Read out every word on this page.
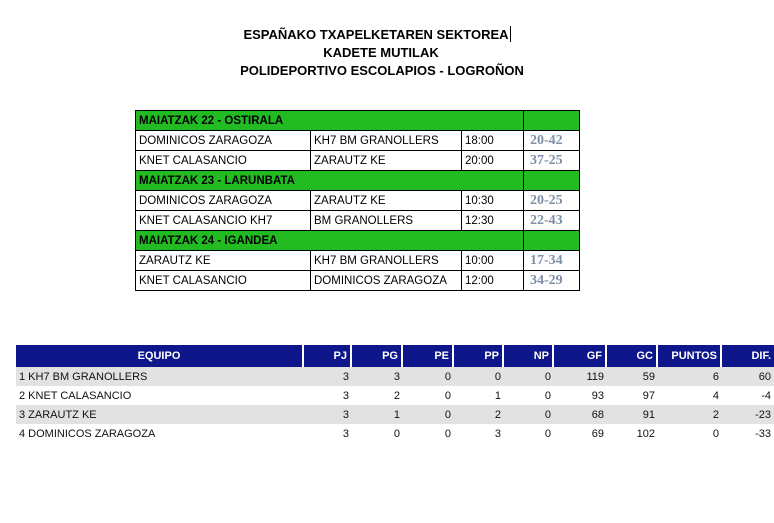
ESPAÑAKO TXAPELKETAREN SEKTOREA
KADETE MUTILAK
POLIDEPORTIVO ESCOLAPIOS - LOGROÑON
MAIATZAK 22 - OSTIRALA			
DOMINICOS ZARAGOZA	KH7 BM GRANOLLERS	18:00	20-42
KNET CALASANCIO	ZARAUTZ KE	20:00	37-25
MAIATZAK 23 - LARUNBATA			
DOMINICOS ZARAGOZA	ZARAUTZ KE	10:30	20-25
KNET CALASANCIO KH7	BM GRANOLLERS	12:30	22-43
MAIATZAK 24 - IGANDEA			
ZARAUTZ KE	KH7 BM GRANOLLERS	10:00	17-34
KNET CALASANCIO	DOMINICOS ZARAGOZA	12:00	34-29
EQUIPO	PJ	PG	PE	PP	NP	GF	GC	PUNTOS	DIF.
1 KH7 BM GRANOLLERS	3	3	0	0	0	119	59	6	60
2 KNET CALASANCIO	3	2	0	1	0	93	97	4	-4
3 ZARAUTZ KE	3	1	0	2	0	68	91	2	-23
4 DOMINICOS ZARAGOZA	3	0	0	3	0	69	102	0	-33
